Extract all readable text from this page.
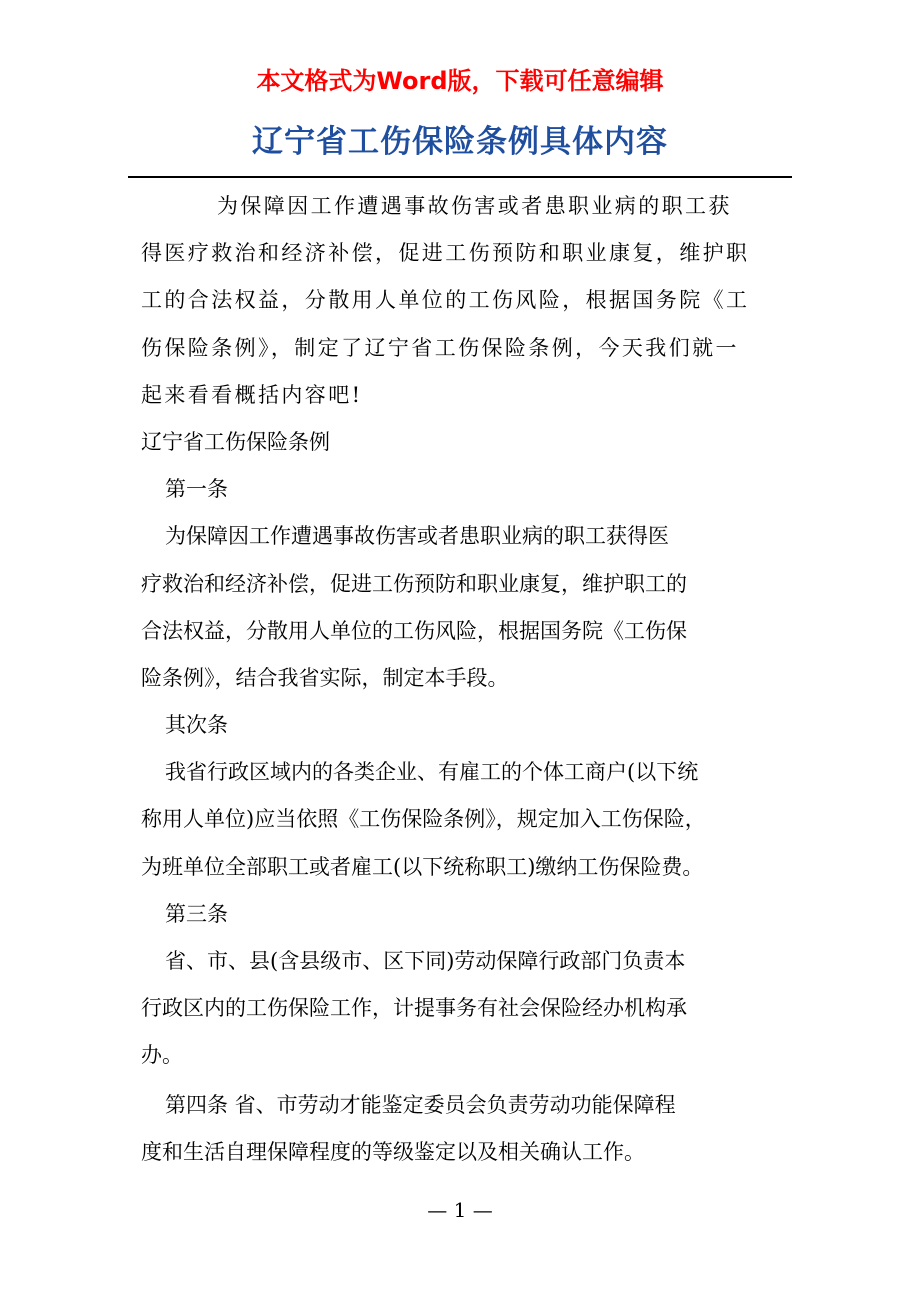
本文格式为Word版，下载可任意编辑
辽宁省工伤保险条例具体内容
为保障因工作遭遇事故伤害或者患职业病的职工获
得医疗救治和经济补偿，促进工伤预防和职业康复，维护职
工的合法权益，分散用人单位的工伤风险，根据国务院《工
伤保险条例》，制定了辽宁省工伤保险条例，今天我们就一
起来看看概括内容吧!
辽宁省工伤保险条例
第一条
为保障因工作遭遇事故伤害或者患职业病的职工获得医
疗救治和经济补偿，促进工伤预防和职业康复，维护职工的
合法权益，分散用人单位的工伤风险，根据国务院《工伤保
险条例》，结合我省实际，制定本手段。
其次条
我省行政区域内的各类企业、有雇工的个体工商户(以下统
称用人单位)应当依照《工伤保险条例》，规定加入工伤保险，
为班单位全部职工或者雇工(以下统称职工)缴纳工伤保险费。
第三条
省、市、县(含县级市、区下同)劳动保障行政部门负责本
行政区内的工伤保险工作，计提事务有社会保险经办机构承
办。
第四条 省、市劳动才能鉴定委员会负责劳动功能保障程
度和生活自理保障程度的等级鉴定以及相关确认工作。
— 1 —
